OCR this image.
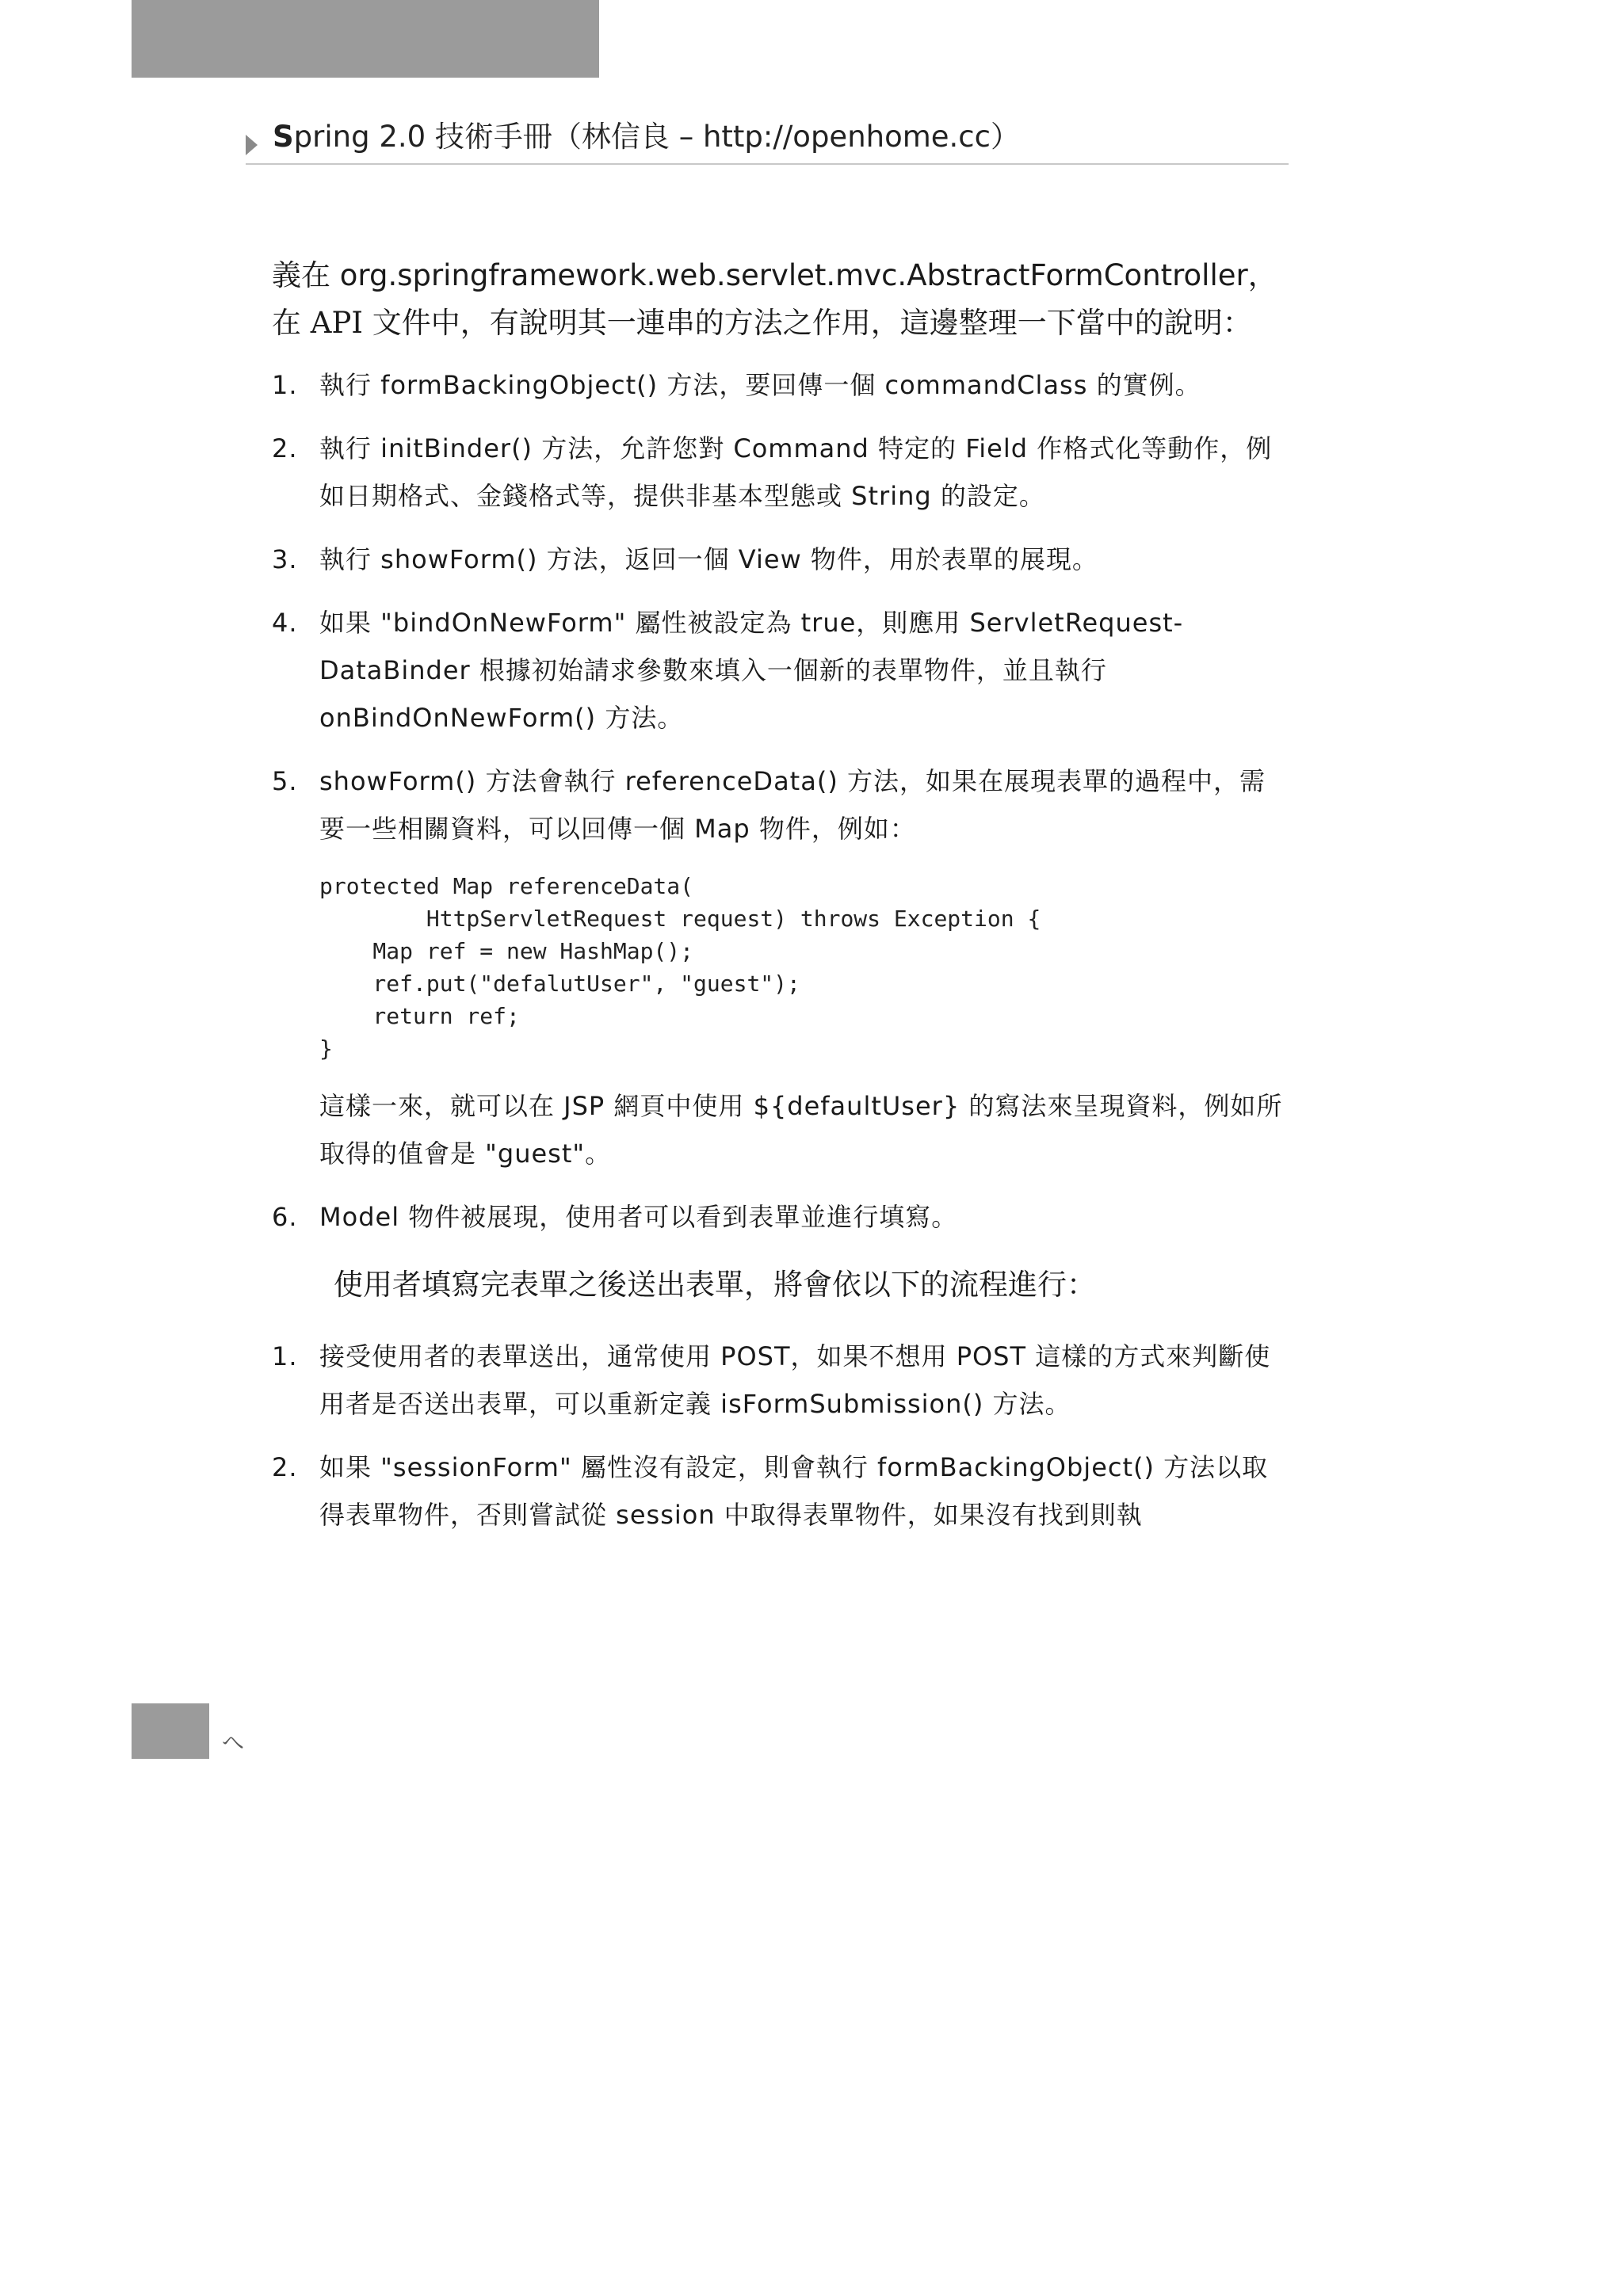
Spring 2.0 技術手冊（林信良 – http://openhome.cc）
義在 org.springframework.web.servlet.mvc.AbstractFormController，
在 API 文件中，有說明其一連串的方法之作用，這邊整理一下當中的說明：
1. 執行 formBackingObject() 方法，要回傳一個 commandClass 的實例。
2. 執行 initBinder() 方法，允許您對 Command 特定的 Field 作格式化等動作，例如日期格式、金錢格式等，提供非基本型態或 String 的設定。
3. 執行 showForm() 方法，返回一個 View 物件，用於表單的展現。
4. 如果 "bindOnNewForm" 屬性被設定為 true，則應用 ServletRequest-DataBinder 根據初始請求參數來填入一個新的表單物件，並且執行 onBindOnNewForm() 方法。
5. showForm() 方法會執行 referenceData() 方法，如果在展現表單的過程中，需要一些相關資料，可以回傳一個 Map 物件，例如：
protected Map referenceData(
HttpServletRequest request) throws Exception {
Map ref = new HashMap();
ref.put("defalutUser", "guest");
return ref;
}
這樣一來，就可以在 JSP 網頁中使用 ${defaultUser} 的寫法來呈現資料，例如所取得的值會是 "guest"。
6. Model 物件被展現，使用者可以看到表單並進行填寫。
使用者填寫完表單之後送出表單，將會依以下的流程進行：
1. 接受使用者的表單送出，通常使用 POST，如果不想用 POST 這樣的方式來判斷使用者是否送出表單，可以重新定義 isFormSubmission() 方法。
2. 如果 "sessionForm" 屬性沒有設定，則會執行 formBackingObject() 方法以取得表單物件，否則嘗試從 session 中取得表單物件，如果沒有找到則執
へ
